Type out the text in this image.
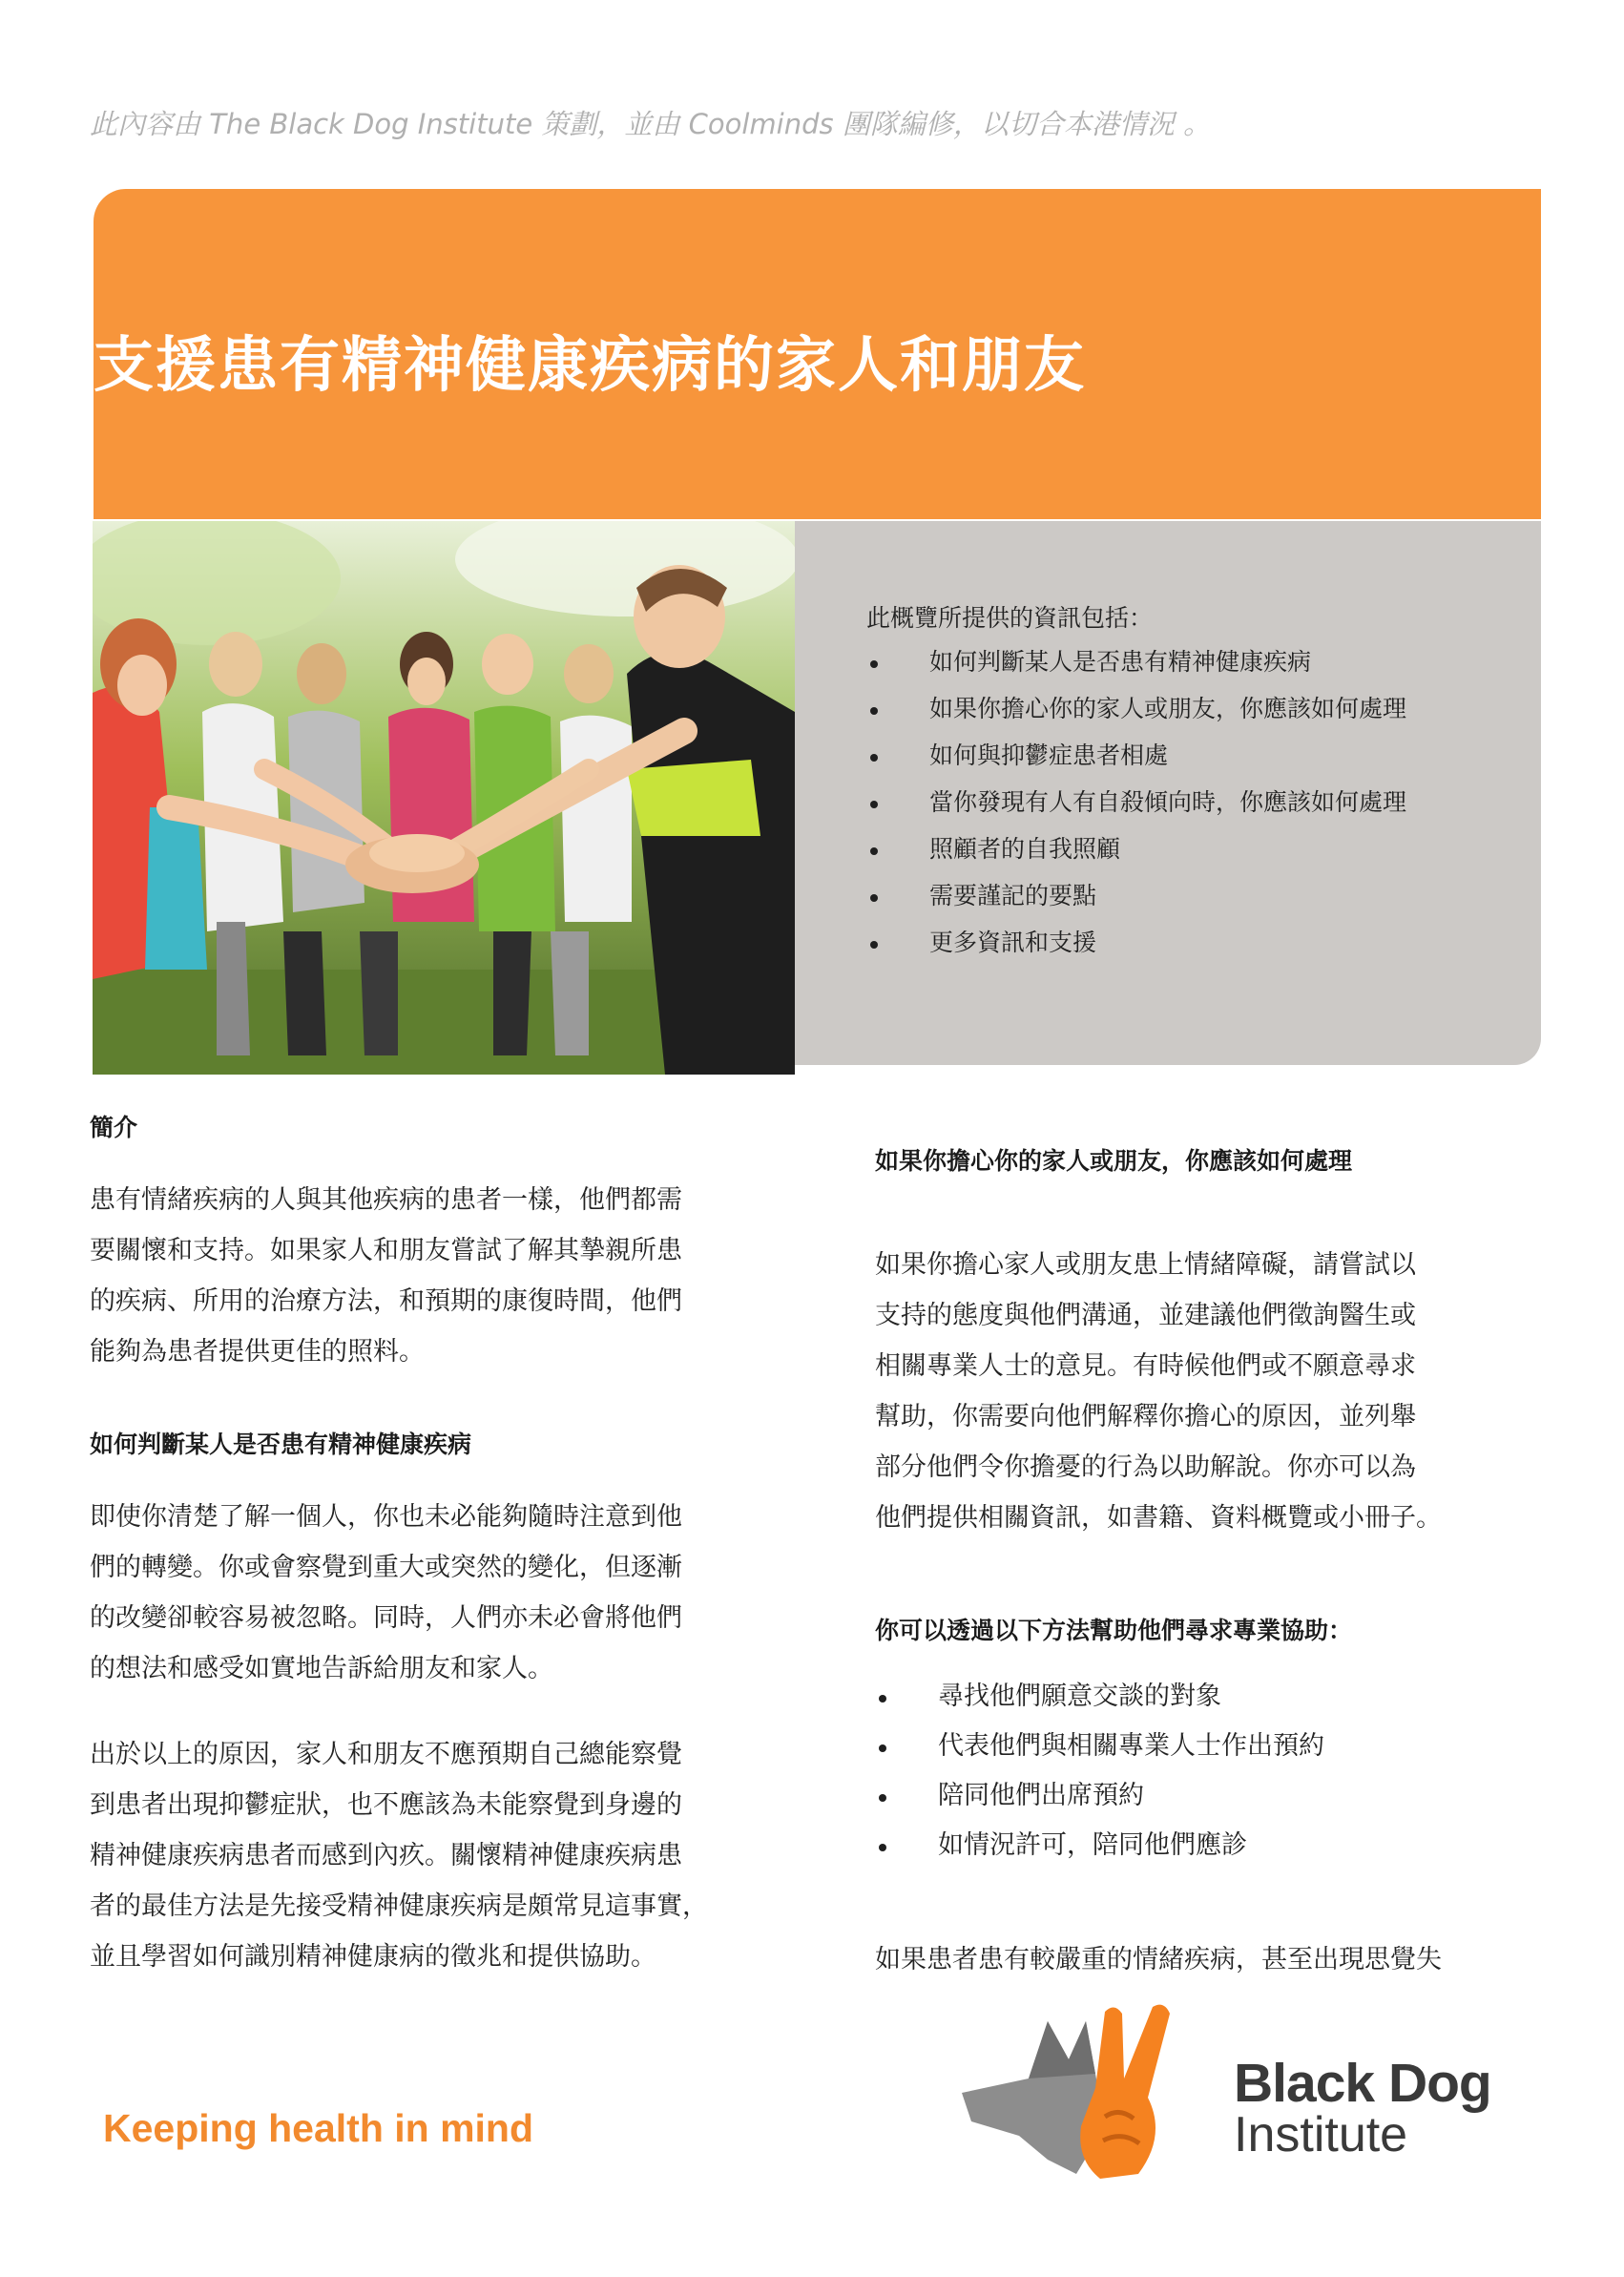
此內容由 The Black Dog Institute 策劃，並由 Coolminds 團隊編修，以切合本港情況 。
支援患有精神健康疾病的家人和朋友
此概覽所提供的資訊包括：
如何判斷某人是否患有精神健康疾病
如果你擔心你的家人或朋友，你應該如何處理
如何與抑鬱症患者相處
當你發現有人有自殺傾向時，你應該如何處理
照顧者的自我照顧
需要謹記的要點
更多資訊和支援
簡介
患有情緒疾病的人與其他疾病的患者一樣，他們都需
要關懷和支持。如果家人和朋友嘗試了解其摯親所患
的疾病、所用的治療方法，和預期的康復時間，他們
能夠為患者提供更佳的照料。
如何判斷某人是否患有精神健康疾病
即使你清楚了解一個人，你也未必能夠隨時注意到他
們的轉變。你或會察覺到重大或突然的變化，但逐漸
的改變卻較容易被忽略。同時，人們亦未必會將他們
的想法和感受如實地告訴給朋友和家人。
出於以上的原因，家人和朋友不應預期自己總能察覺
到患者出現抑鬱症狀，也不應該為未能察覺到身邊的
精神健康疾病患者而感到內疚。關懷精神健康疾病患
者的最佳方法是先接受精神健康疾病是頗常見這事實，
並且學習如何識別精神健康病的徵兆和提供協助。
如果你擔心你的家人或朋友，你應該如何處理
如果你擔心家人或朋友患上情緒障礙，請嘗試以
支持的態度與他們溝通，並建議他們徵詢醫生或
相關專業人士的意見。有時候他們或不願意尋求
幫助，你需要向他們解釋你擔心的原因，並列舉
部分他們令你擔憂的行為以助解說。你亦可以為
他們提供相關資訊，如書籍、資料概覽或小冊子。
你可以透過以下方法幫助他們尋求專業協助：
尋找他們願意交談的對象
代表他們與相關專業人士作出預約
陪同他們出席預約
如情況許可，陪同他們應診
如果患者患有較嚴重的情緒疾病，甚至出現思覺失
Keeping health in mind
Black Dog
Institute
